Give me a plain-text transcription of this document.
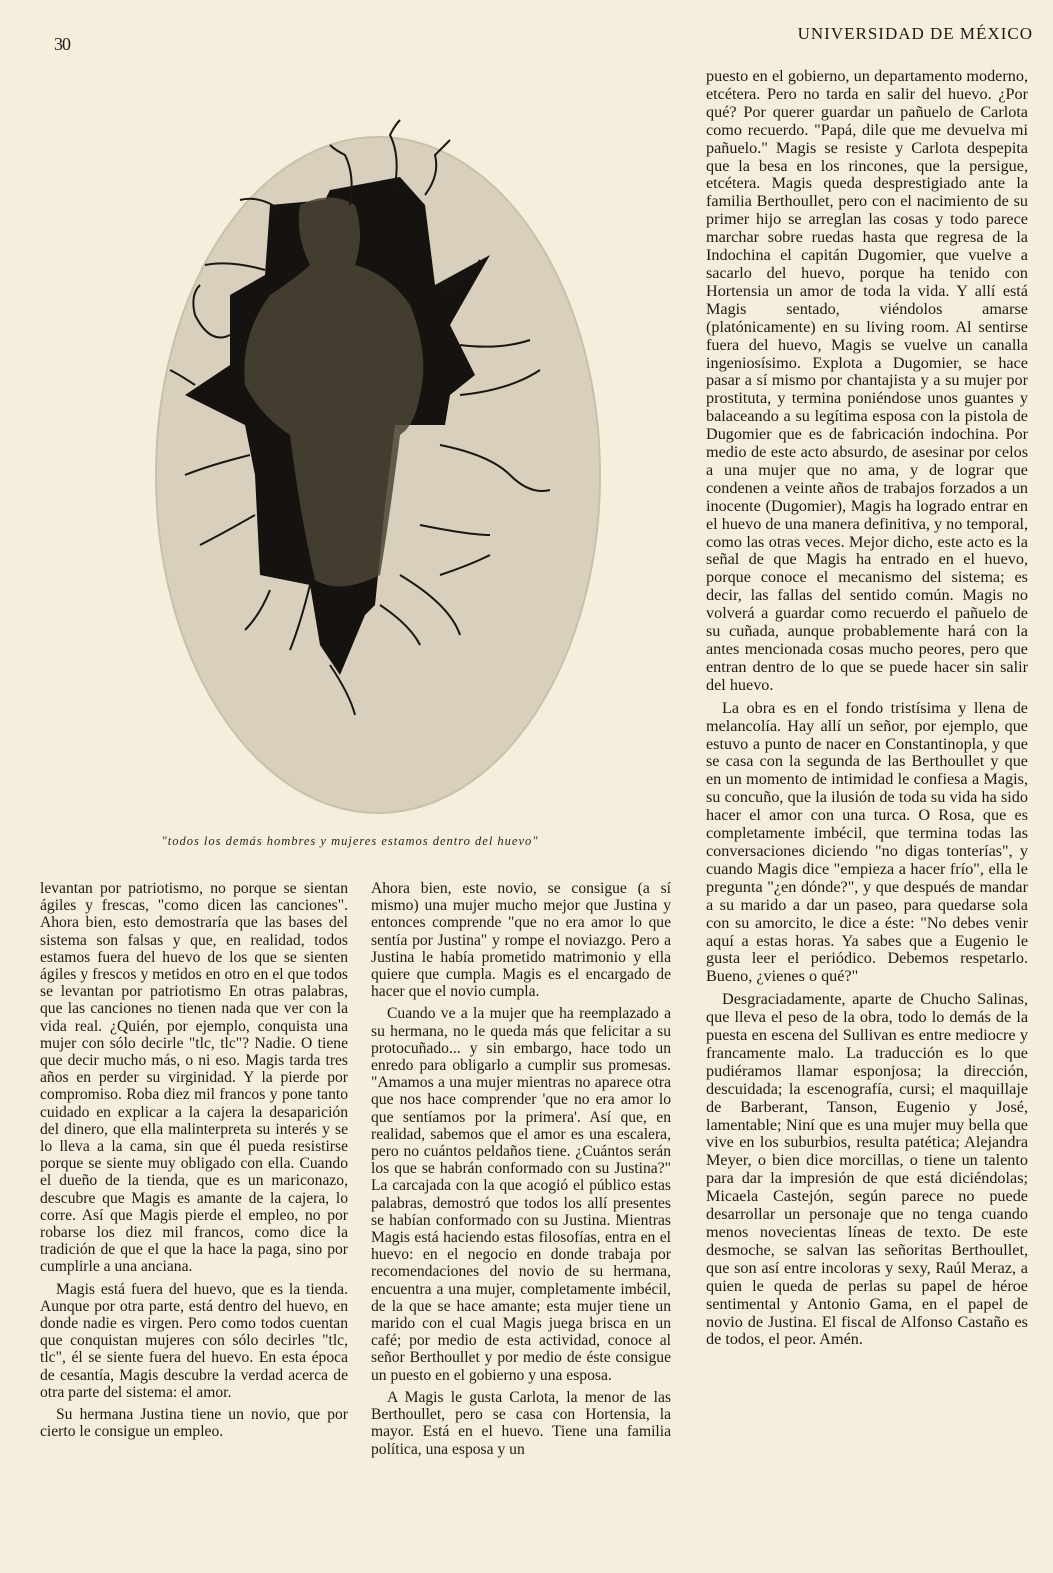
30
UNIVERSIDAD DE MÉXICO
"todos los demás hombres y mujeres estamos dentro del huevo"

levantan por patriotismo, no porque se sientan ágiles y frescas, "como dicen las canciones". Ahora bien, esto demostraría que las bases del sistema son falsas y que, en realidad, todos estamos fuera del huevo de los que se sienten ágiles y frescos y metidos en otro en el que todos se levantan por patriotismo En otras palabras, que las canciones no tienen nada que ver con la vida real. ¿Quién, por ejemplo, conquista una mujer con sólo decirle "tlc, tlc"? Nadie. O tiene que decir mucho más, o ni eso. Magis tarda tres años en perder su virginidad. Y la pierde por compromiso. Roba diez mil francos y pone tanto cuidado en explicar a la cajera la desaparición del dinero, que ella malinterpreta su interés y se lo lleva a la cama, sin que él pueda resistirse porque se siente muy obligado con ella. Cuando el dueño de la tienda, que es un mariconazo, descubre que Magis es amante de la cajera, lo corre. Así que Magis pierde el empleo, no por robarse los diez mil francos, como dice la tradición de que el que la hace la paga, sino por cumplirle a una anciana.

Magis está fuera del huevo, que es la tienda. Aunque por otra parte, está dentro del huevo, en donde nadie es virgen. Pero como todos cuentan que conquistan mujeres con sólo decirles "tlc, tlc", él se siente fuera del huevo. En esta época de cesantía, Magis descubre la verdad acerca de otra parte del sistema: el amor.

Su hermana Justina tiene un novio, que por cierto le consigue un empleo.

Ahora bien, este novio, se consigue (a sí mismo) una mujer mucho mejor que Justina y entonces comprende "que no era amor lo que sentía por Justina" y rompe el noviazgo. Pero a Justina le había prometido matrimonio y ella quiere que cumpla. Magis es el encargado de hacer que el novio cumpla.

Cuando ve a la mujer que ha reemplazado a su hermana, no le queda más que felicitar a su protocuñado... y sin embargo, hace todo un enredo para obligarlo a cumplir sus promesas. "Amamos a una mujer mientras no aparece otra que nos hace comprender 'que no era amor lo que sentíamos por la primera'. Así que, en realidad, sabemos que el amor es una escalera, pero no cuántos peldaños tiene. ¿Cuántos serán los que se habrán conformado con su Justina?" La carcajada con la que acogió el público estas palabras, demostró que todos los allí presentes se habían conformado con su Justina. Mientras Magis está haciendo estas filosofías, entra en el huevo: en el negocio en donde trabaja por recomendaciones del novio de su hermana, encuentra a una mujer, completamente imbécil, de la que se hace amante; esta mujer tiene un marido con el cual Magis juega brisca en un café; por medio de esta actividad, conoce al señor Berthoullet y por medio de éste consigue un puesto en el gobierno y una esposa.

A Magis le gusta Carlota, la menor de las Berthoullet, pero se casa con Hortensia, la mayor. Está en el huevo. Tiene una familia política, una esposa y un

puesto en el gobierno, un departamento moderno, etcétera. Pero no tarda en salir del huevo. ¿Por qué? Por querer guardar un pañuelo de Carlota como recuerdo. "Papá, dile que me devuelva mi pañuelo." Magis se resiste y Carlota despepita que la besa en los rincones, que la persigue, etcétera. Magis queda desprestigiado ante la familia Berthoullet, pero con el nacimiento de su primer hijo se arreglan las cosas y todo parece marchar sobre ruedas hasta que regresa de la Indochina el capitán Dugomier, que vuelve a sacarlo del huevo, porque ha tenido con Hortensia un amor de toda la vida. Y allí está Magis sentado, viéndolos amarse (platónicamente) en su living room. Al sentirse fuera del huevo, Magis se vuelve un canalla ingeniosísimo. Explota a Dugomier, se hace pasar a sí mismo por chantajista y a su mujer por prostituta, y termina poniéndose unos guantes y balaceando a su legítima esposa con la pistola de Dugomier que es de fabricación indochina. Por medio de este acto absurdo, de asesinar por celos a una mujer que no ama, y de lograr que condenen a veinte años de trabajos forzados a un inocente (Dugomier), Magis ha logrado entrar en el huevo de una manera definitiva, y no temporal, como las otras veces. Mejor dicho, este acto es la señal de que Magis ha entrado en el huevo, porque conoce el mecanismo del sistema; es decir, las fallas del sentido común. Magis no volverá a guardar como recuerdo el pañuelo de su cuñada, aunque probablemente hará con la antes mencionada cosas mucho peores, pero que entran dentro de lo que se puede hacer sin salir del huevo.

La obra es en el fondo tristísima y llena de melancolía. Hay allí un señor, por ejemplo, que estuvo a punto de nacer en Constantinopla, y que se casa con la segunda de las Berthoullet y que en un momento de intimidad le confiesa a Magis, su concuño, que la ilusión de toda su vida ha sido hacer el amor con una turca. O Rosa, que es completamente imbécil, que termina todas las conversaciones diciendo "no digas tonterías", y cuando Magis dice "empieza a hacer frío", ella le pregunta "¿en dónde?", y que después de mandar a su marido a dar un paseo, para quedarse sola con su amorcito, le dice a éste: "No debes venir aquí a estas horas. Ya sabes que a Eugenio le gusta leer el periódico. Debemos respetarlo. Bueno, ¿vienes o qué?"

Desgraciadamente, aparte de Chucho Salinas, que lleva el peso de la obra, todo lo demás de la puesta en escena del Sullivan es entre mediocre y francamente malo. La traducción es lo que pudiéramos llamar esponjosa; la dirección, descuidada; la escenografía, cursi; el maquillaje de Barberant, Tanson, Eugenio y José, lamentable; Niní que es una mujer muy bella que vive en los suburbios, resulta patética; Alejandra Meyer, o bien dice morcillas, o tiene un talento para dar la impresión de que está diciéndolas; Micaela Castejón, según parece no puede desarrollar un personaje que no tenga cuando menos novecientas líneas de texto. De este desmoche, se salvan las señoritas Berthoullet, que son así entre incoloras y sexy, Raúl Meraz, a quien le queda de perlas su papel de héroe sentimental y Antonio Gama, en el papel de novio de Justina. El fiscal de Alfonso Castaño es de todos, el peor. Amén.
